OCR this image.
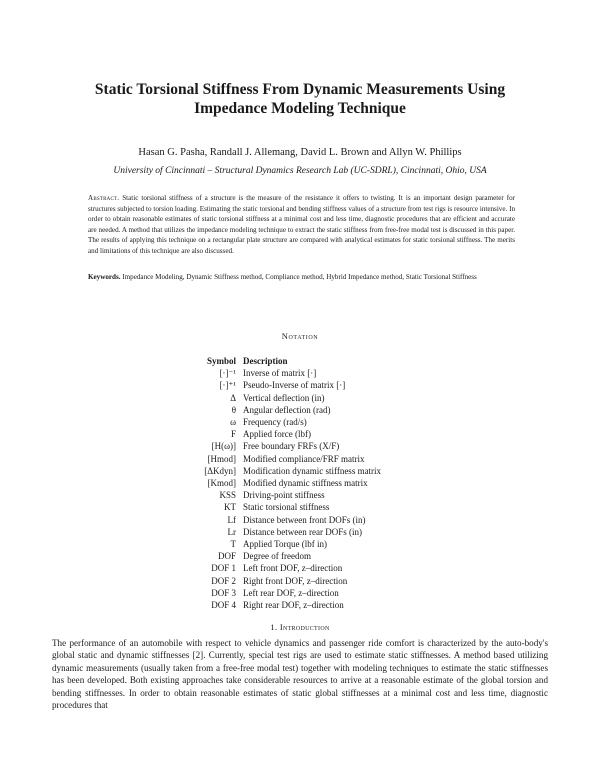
Static Torsional Stiffness From Dynamic Measurements Using
Impedance Modeling Technique
Hasan G. Pasha, Randall J. Allemang, David L. Brown and Allyn W. Phillips
University of Cincinnati – Structural Dynamics Research Lab (UC-SDRL), Cincinnati, Ohio, USA
Abstract. Static torsional stiffness of a structure is the measure of the resistance it offers to twisting. It is an important design parameter for structures subjected to torsion loading. Estimating the static torsional and bending stiffness values of a structure from test rigs is resource intensive. In order to obtain reasonable estimates of static torsional stiffness at a minimal cost and less time, diagnostic procedures that are efficient and accurate are needed. A method that utilizes the impedance modeling technique to extract the static stiffness from free-free modal test is discussed in this paper. The results of applying this technique on a rectangular plate structure are compared with analytical estimates for static torsional stiffness. The merits and limitations of this technique are also discussed.
Keywords. Impedance Modeling, Dynamic Stiffness method, Compliance method, Hybrid Impedance method, Static Torsional Stiffness
Notation
Symbol Description
[·]⁻¹ Inverse of matrix [·]
[·]⁺¹ Pseudo-Inverse of matrix [·]
Δ Vertical deflection (in)
θ Angular deflection (rad)
ω Frequency (rad/s)
F Applied force (lbf)
[H(ω)] Free boundary FRFs (X/F)
[Hmod] Modified compliance/FRF matrix
[ΔKdyn] Modification dynamic stiffness matrix
[Kmod] Modified dynamic stiffness matrix
KSS Driving-point stiffness
KT Static torsional stiffness
Lf Distance between front DOFs (in)
Lr Distance between rear DOFs (in)
T Applied Torque (lbf in)
DOF Degree of freedom
DOF 1 Left front DOF, z–direction
DOF 2 Right front DOF, z–direction
DOF 3 Left rear DOF, z–direction
DOF 4 Right rear DOF, z–direction
1. Introduction
The performance of an automobile with respect to vehicle dynamics and passenger ride comfort is characterized by the auto-body's global static and dynamic stiffnesses [2]. Currently, special test rigs are used to estimate static stiffnesses. A method based utilizing dynamic measurements (usually taken from a free-free modal test) together with modeling techniques to estimate the static stiffnesses has been developed. Both existing approaches take considerable resources to arrive at a reasonable estimate of the global torsion and bending stiffnesses. In order to obtain reasonable estimates of static global stiffnesses at a minimal cost and less time, diagnostic procedures that
